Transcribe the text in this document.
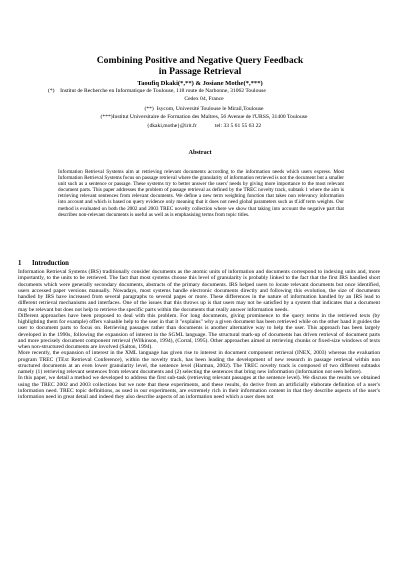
Combining Positive and Negative Query Feedback
in Passage Retrieval
Taoufiq Dkaki(*,**) & Josiane Mothe(*,***)
(*)    Institut de Recherche en Informatique de Toulouse, 118 route de Narbonne, 31062 Toulouse
Cedex 04, France
(**)  Isycom, Université Toulouse le Mirail,Toulouse
(***)Institut Universitaire de Formation des Maîtres, 56 Avenue de l'URSS, 31400 Toulouse
{dkaki,mothe}@irit.fr             tel: 33 5 61 55 63 22
Abstract
Information Retrieval Systems aim at retrieving relevant documents according to the information needs which users express. Most Information Retrieval Systems focus on passage retrieval where the granularity of information retrieved is not the document but a smaller unit such as a sentence or passage. These systems try to better answer the users' needs by giving more importance to the most relevant document parts. This paper addresses the problem of passage retrieval as defined by the TREC novelty track, subtask 1 where the aim is retrieving relevant sentences from relevant documents. We define a new term weighting function that takes non relevancy information into account and which is based on query evidence only meaning that it does not need global parameters such as tf.idf term weights. Our method is evaluated on both the 2002 and 2003 TREC novelty collection where we show that taking into account the negative part that describes non-relevant documents is useful as well as is emphasising terms from topic titles.
1 Introduction

Information Retrieval Systems (IRS) traditionally consider documents as the atomic units of information and documents correspond to indexing units and, more importantly, to the units to be retrieved. The fact that most systems choose this level of granularity is probably linked to the fact that the first IRS handled short documents which were generally secondary documents, abstracts of the primary documents. IRS helped users to locate relevant documents but once identified, users accessed paper versions manually. Nowadays, most systems handle electronic documents directly and following this evolution, the size of documents handled by IRS have increased from several paragraphs to several pages or more. These differences in the nature of information handled by an IRS lead to different retrieval mechanisms and interfaces. One of the issues that this throws up is that users may not be satisfied by a system that indicates that a document may be relevant but does not help to retrieve the specific parts within the documents that really answer information needs.

Different approaches have been proposed to deal with this problem. For long documents, giving prominence to the query terms in the retrieved texts (by highlighting them for example) offers valuable help to the user in that it "explains" why a given document has been retrieved while on the other hand it guides the user to document parts to focus on. Retrieving passages rather than documents is another alternative way to help the user. This approach has been largely developed in the 1990s, following the expansion of interest in the SGML language. The structural mark-up of documents has driven retrieval of document parts and more precisely document component retrieval (Wilkinson, 1994), (Corral, 1995). Other approaches aimed at retrieving chunks or fixed-size windows of texts when non-structured documents are involved (Salton, 1994).

More recently, the expansion of interest in the XML language has given rise to interest in document component retrieval (INEX, 2003) whereas the evaluation program TREC (TExt Retrieval Conference), within the novelty track, has been leading the development of new research in passage retrieval within non structured documents at an even lower granularity level, the sentence level (Harman, 2002). The TREC novelty track is composed of two different subtasks namely (1) retrieving relevant sentences from relevant documents and (2) selecting the sentences that bring new information (information not seen before).

In this paper, we detail a method we developed to address the first sub-task (retrieving relevant passages at the sentence level). We discuss the results we obtained using the TREC 2002 and 2003 collections but we note that these experiments, and these results, do derive from an artificially elaborate definition of a user's information need. TREC topic definitions, as used in our experiments, are extremely rich in their information content in that they describe aspects of the user's information need in great detail and indeed they also describe aspects of an information need which a user does not
